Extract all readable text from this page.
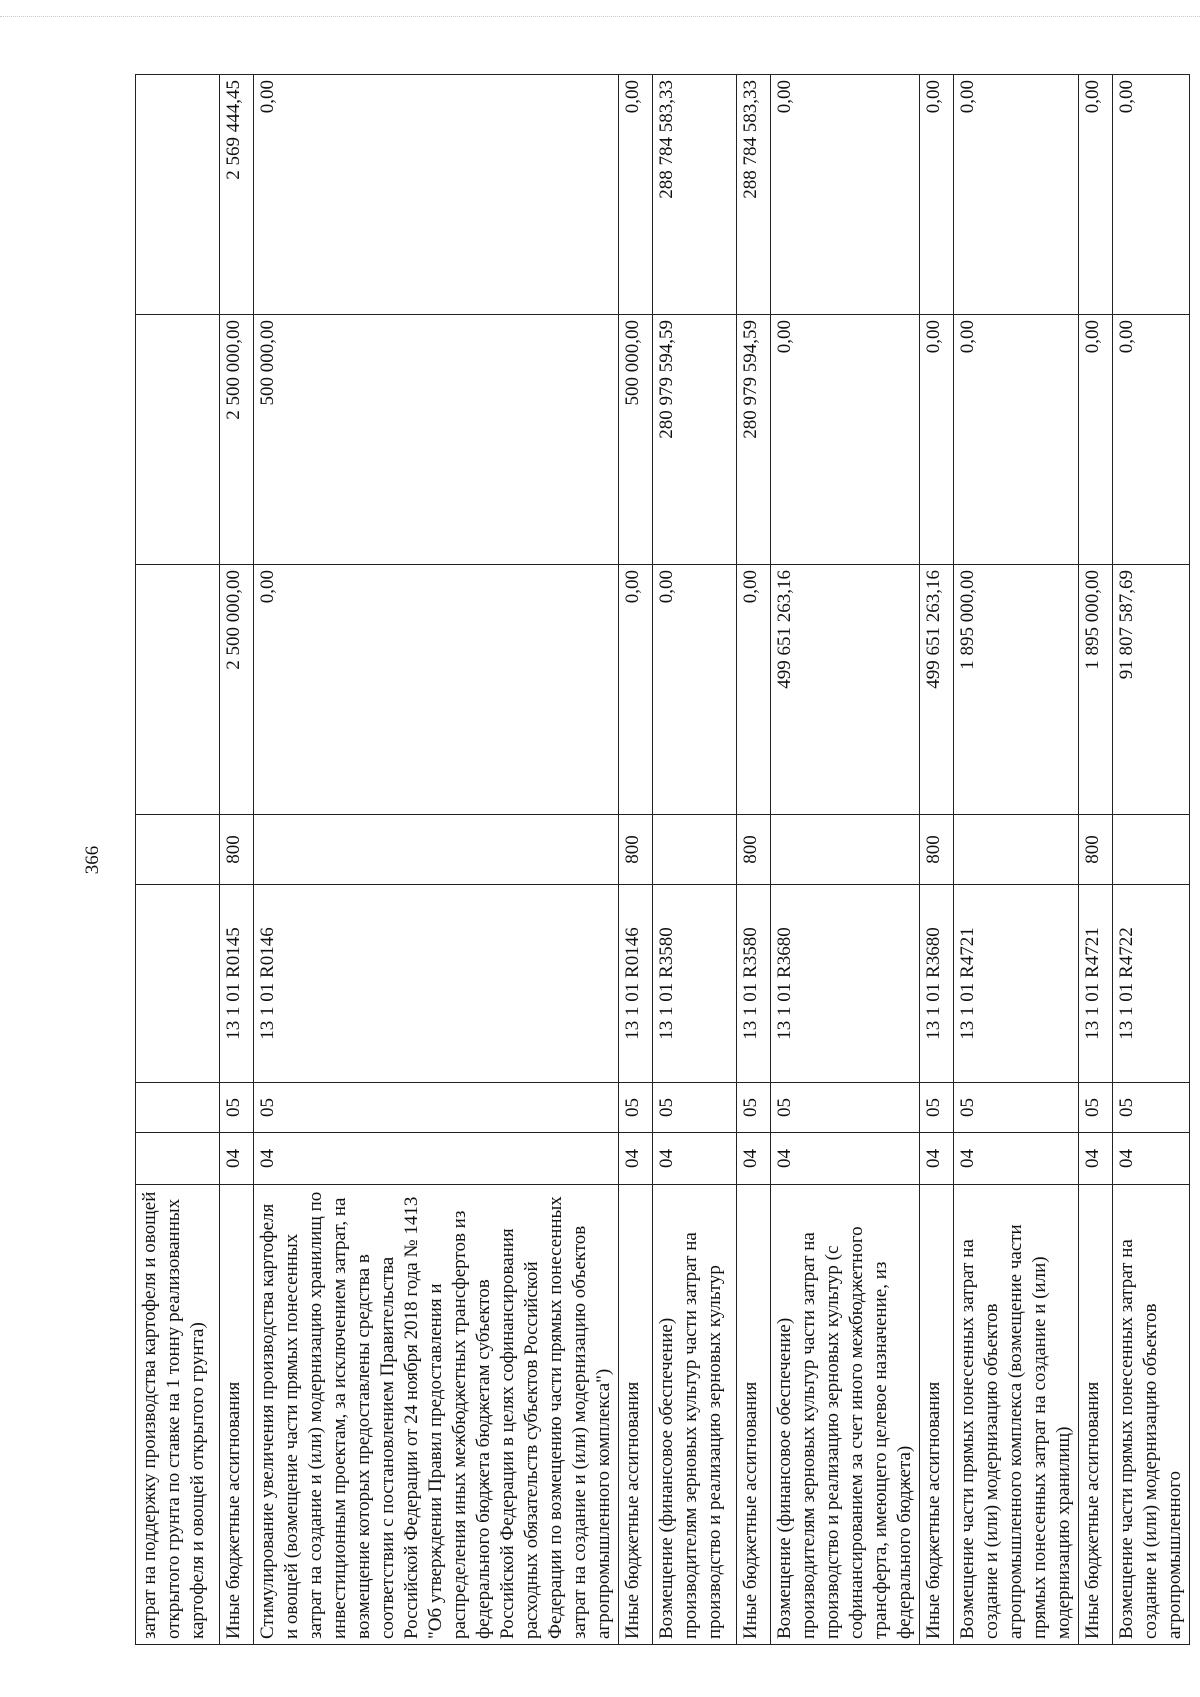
366
затрат на поддержку производства картофеля и овощей открытого грунта по ставке на 1 тонну реализованных картофеля и овощей открытого грунта)							
Иные бюджетные ассигнования	04	05	13 1 01 R0145	800	2 500 000,00	2 500 000,00	2 569 444,45
Стимулирование увеличения производства картофеля и овощей (возмещение части прямых понесенных затрат на создание и (или) модернизацию хранилищ по инвестиционным проектам, за исключением затрат, на возмещение которых предоставлены средства в соответствии с постановлением Правительства Российской Федерации от 24 ноября 2018 года № 1413 "Об утверждении Правил предоставления и распределения иных межбюджетных трансфертов из федерального бюджета бюджетам субъектов Российской Федерации в целях софинансирования расходных обязательств субъектов Российской Федерации по возмещению части прямых понесенных затрат на создание и (или) модернизацию объектов агропромышленного комплекса")	04	05	13 1 01 R0146		0,00	500 000,00	0,00
Иные бюджетные ассигнования	04	05	13 1 01 R0146	800	0,00	500 000,00	0,00
Возмещение (финансовое обеспечение) производителям зерновых культур части затрат на производство и реализацию зерновых культур	04	05	13 1 01 R3580		0,00	280 979 594,59	288 784 583,33
Иные бюджетные ассигнования	04	05	13 1 01 R3580	800	0,00	280 979 594,59	288 784 583,33
Возмещение (финансовое обеспечение) производителям зерновых культур части затрат на производство и реализацию зерновых культур (с софинансированием за счет иного межбюджетного трансферта, имеющего целевое назначение, из федерального бюджета)	04	05	13 1 01 R3680		499 651 263,16	0,00	0,00
Иные бюджетные ассигнования	04	05	13 1 01 R3680	800	499 651 263,16	0,00	0,00
Возмещение части прямых понесенных затрат на создание и (или) модернизацию объектов агропромышленного комплекса (возмещение части прямых понесенных затрат на создание и (или) модернизацию хранилищ)	04	05	13 1 01 R4721		1 895 000,00	0,00	0,00
Иные бюджетные ассигнования	04	05	13 1 01 R4721	800	1 895 000,00	0,00	0,00
Возмещение части прямых понесенных затрат на создание и (или) модернизацию объектов агропромышленного	04	05	13 1 01 R4722		91 807 587,69	0,00	0,00
